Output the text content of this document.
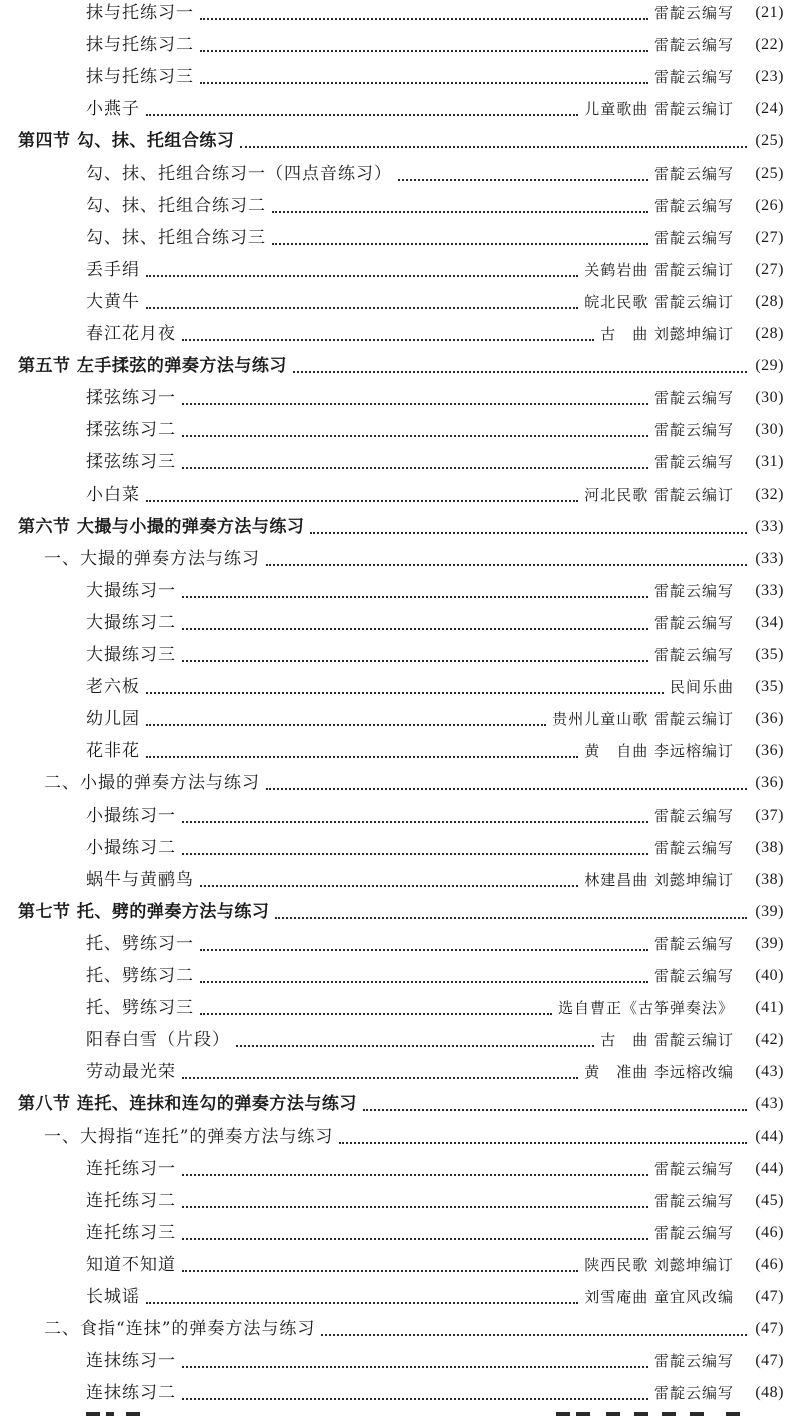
抹与托练习一	雷靛云编写 (21)
抹与托练习二	雷靛云编写 (22)
抹与托练习三	雷靛云编写 (23)
小燕子	儿童歌曲 雷靛云编订 (24)
第四节 勾、抹、托组合练习	(25)
勾、抹、托组合练习一（四点音练习）	雷靛云编写 (25)
勾、抹、托组合练习二	雷靛云编写 (26)
勾、抹、托组合练习三	雷靛云编写 (27)
丢手绢	关鹤岩曲 雷靛云编订 (27)
大黄牛	皖北民歌 雷靛云编订 (28)
春江花月夜	古　曲 刘懿坤编订 (28)
第五节 左手揉弦的弹奏方法与练习	(29)
揉弦练习一	雷靛云编写 (30)
揉弦练习二	雷靛云编写 (30)
揉弦练习三	雷靛云编写 (31)
小白菜	河北民歌 雷靛云编订 (32)
第六节 大撮与小撮的弹奏方法与练习	(33)
一、大撮的弹奏方法与练习	(33)
大撮练习一	雷靛云编写 (33)
大撮练习二	雷靛云编写 (34)
大撮练习三	雷靛云编写 (35)
老六板	民间乐曲 (35)
幼儿园	贵州儿童山歌 雷靛云编订 (36)
花非花	黄　自曲 李远榕编订 (36)
二、小撮的弹奏方法与练习	(36)
小撮练习一	雷靛云编写 (37)
小撮练习二	雷靛云编写 (38)
蜗牛与黄鹂鸟	林建昌曲 刘懿坤编订 (38)
第七节 托、劈的弹奏方法与练习	(39)
托、劈练习一	雷靛云编写 (39)
托、劈练习二	雷靛云编写 (40)
托、劈练习三	选自曹正《古筝弹奏法》 (41)
阳春白雪（片段）	古　曲 雷靛云编订 (42)
劳动最光荣	黄　准曲 李远榕改编 (43)
第八节 连托、连抹和连勾的弹奏方法与练习	(43)
一、大拇指“连托”的弹奏方法与练习	(44)
连托练习一	雷靛云编写 (44)
连托练习二	雷靛云编写 (45)
连托练习三	雷靛云编写 (46)
知道不知道	陕西民歌 刘懿坤编订 (46)
长城谣	刘雪庵曲 童宜风改编 (47)
二、食指“连抹”的弹奏方法与练习	(47)
连抹练习一	雷靛云编写 (47)
连抹练习二	雷靛云编写 (48)
